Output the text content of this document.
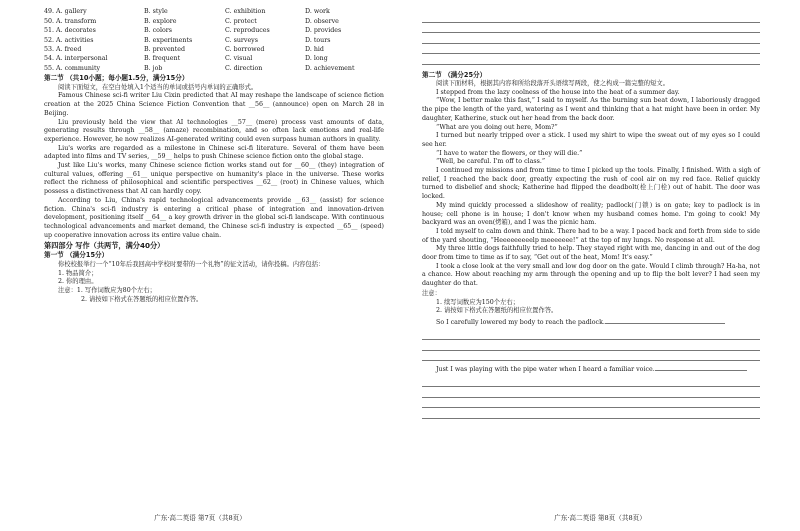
49. A. gallery	B. style	C. exhibition	D. work
50. A. transform	B. explore	C. protect	D. observe
51. A. decorates	B. colors	C. reproduces	D. provides
52. A. activities	B. experiments	C. surveys	D. tours
53. A. freed	B. prevented	C. borrowed	D. hid
54. A. interpersonal	B. frequent	C. visual	D. long
55. A. community	B. job	C. direction	D. achievement
第二节 （共10小题；每小题1.5分，满分15分）

阅读下面短文，在空白处填入1个适当的单词或括号内单词的正确形式。

Famous Chinese sci-fi writer Liu Cixin predicted that AI may reshape the landscape of science fiction creation at the 2025 China Science Fiction Convention that __56__ (announce) open on March 28 in Beijing.

Liu previously held the view that AI technologies __57__ (mere) process vast amounts of data, generating results through __58__ (amaze) recombination, and so often lack emotions and real-life experience. However, he now realizes AI-generated writing could even surpass human authors in quality.

Liu's works are regarded as a milestone in Chinese sci-fi literature. Several of them have been adapted into films and TV series, __59__ helps to push Chinese science fiction onto the global stage.

Just like Liu's works, many Chinese science fiction works stand out for __60__ (they) integration of cultural values, offering __61__ unique perspective on humanity's place in the universe. These works reflect the richness of philosophical and scientific perspectives __62__ (root) in Chinese values, which possess a distinctiveness that AI can hardly copy.

According to Liu, China's rapid technological advancements provide __63__ (assist) for science fiction. China's sci-fi industry is entering a critical phase of integration and innovation-driven development, positioning itself __64__ a key growth driver in the global sci-fi landscape. With continuous technological advancements and market demand, the Chinese sci-fi industry is expected __65__ (speed) up cooperative innovation across its entire value chain.

第四部分 写作（共两节，满分40分）
第一节 （满分15分）

你校校报举行一个“10年后我回高中学校时要带的一个礼物”的征文活动，请你投稿。内容包括：

1. 物品简介；

2. 你的理由。

注意：1. 写作词数应为80个左右；

2. 请按如下格式在答题纸的相应位置作答。

广东·高二英语 第7页（共8页）
第二节 （满分25分）

阅读下面材料，根据其内容和所给段落开头语续写两段，使之构成一篇完整的短文。

I stepped from the lazy coolness of the house into the heat of a summer day.

“Wow, I better make this fast,” I said to myself. As the burning sun beat down, I laboriously dragged the pipe the length of the yard, watering as I went and thinking that a hat might have been in order. My daughter, Katherine, stuck out her head from the back door.

“What are you doing out here, Mom?”

I turned but nearly tripped over a stick. I used my shirt to wipe the sweat out of my eyes so I could see her.

“I have to water the flowers, or they will die.”

“Well, be careful. I'm off to class.”

I continued my missions and from time to time I picked up the tools. Finally, I finished. With a sigh of relief, I reached the back door, greatly expecting the rush of cool air on my red face. Relief quickly turned to disbelief and shock; Katherine had flipped the deadbolt(栓上门栓) out of habit. The door was locked.

My mind quickly processed a slideshow of reality; padlock(门锁) is on gate; key to padlock is in house; cell phone is in house; I don't know when my husband comes home. I'm going to cook! My backyard was an oven(烤箱), and I was the picnic ham.

I told myself to calm down and think. There had to be a way. I paced back and forth from side to side of the yard shouting, “Heeeeeeeeelp meeeeeee!” at the top of my lungs. No response at all.

My three little dogs faithfully tried to help. They stayed right with me, dancing in and out of the dog door from time to time as if to say, “Get out of the heat, Mom! It's easy.”

I took a close look at the very small and low dog door on the gate. Would I climb through? Ha-ha, not a chance. How about reaching my arm through the opening and up to flip the bolt lever? I had seen my daughter do that.

注意：

1. 续写词数应为150个左右；

2. 请按如下格式在答题纸的相应位置作答。

So I carefully lowered my body to reach the padlock.

Just I was playing with the pipe water when I heard a familiar voice.

广东·高二英语 第8页（共8页）
